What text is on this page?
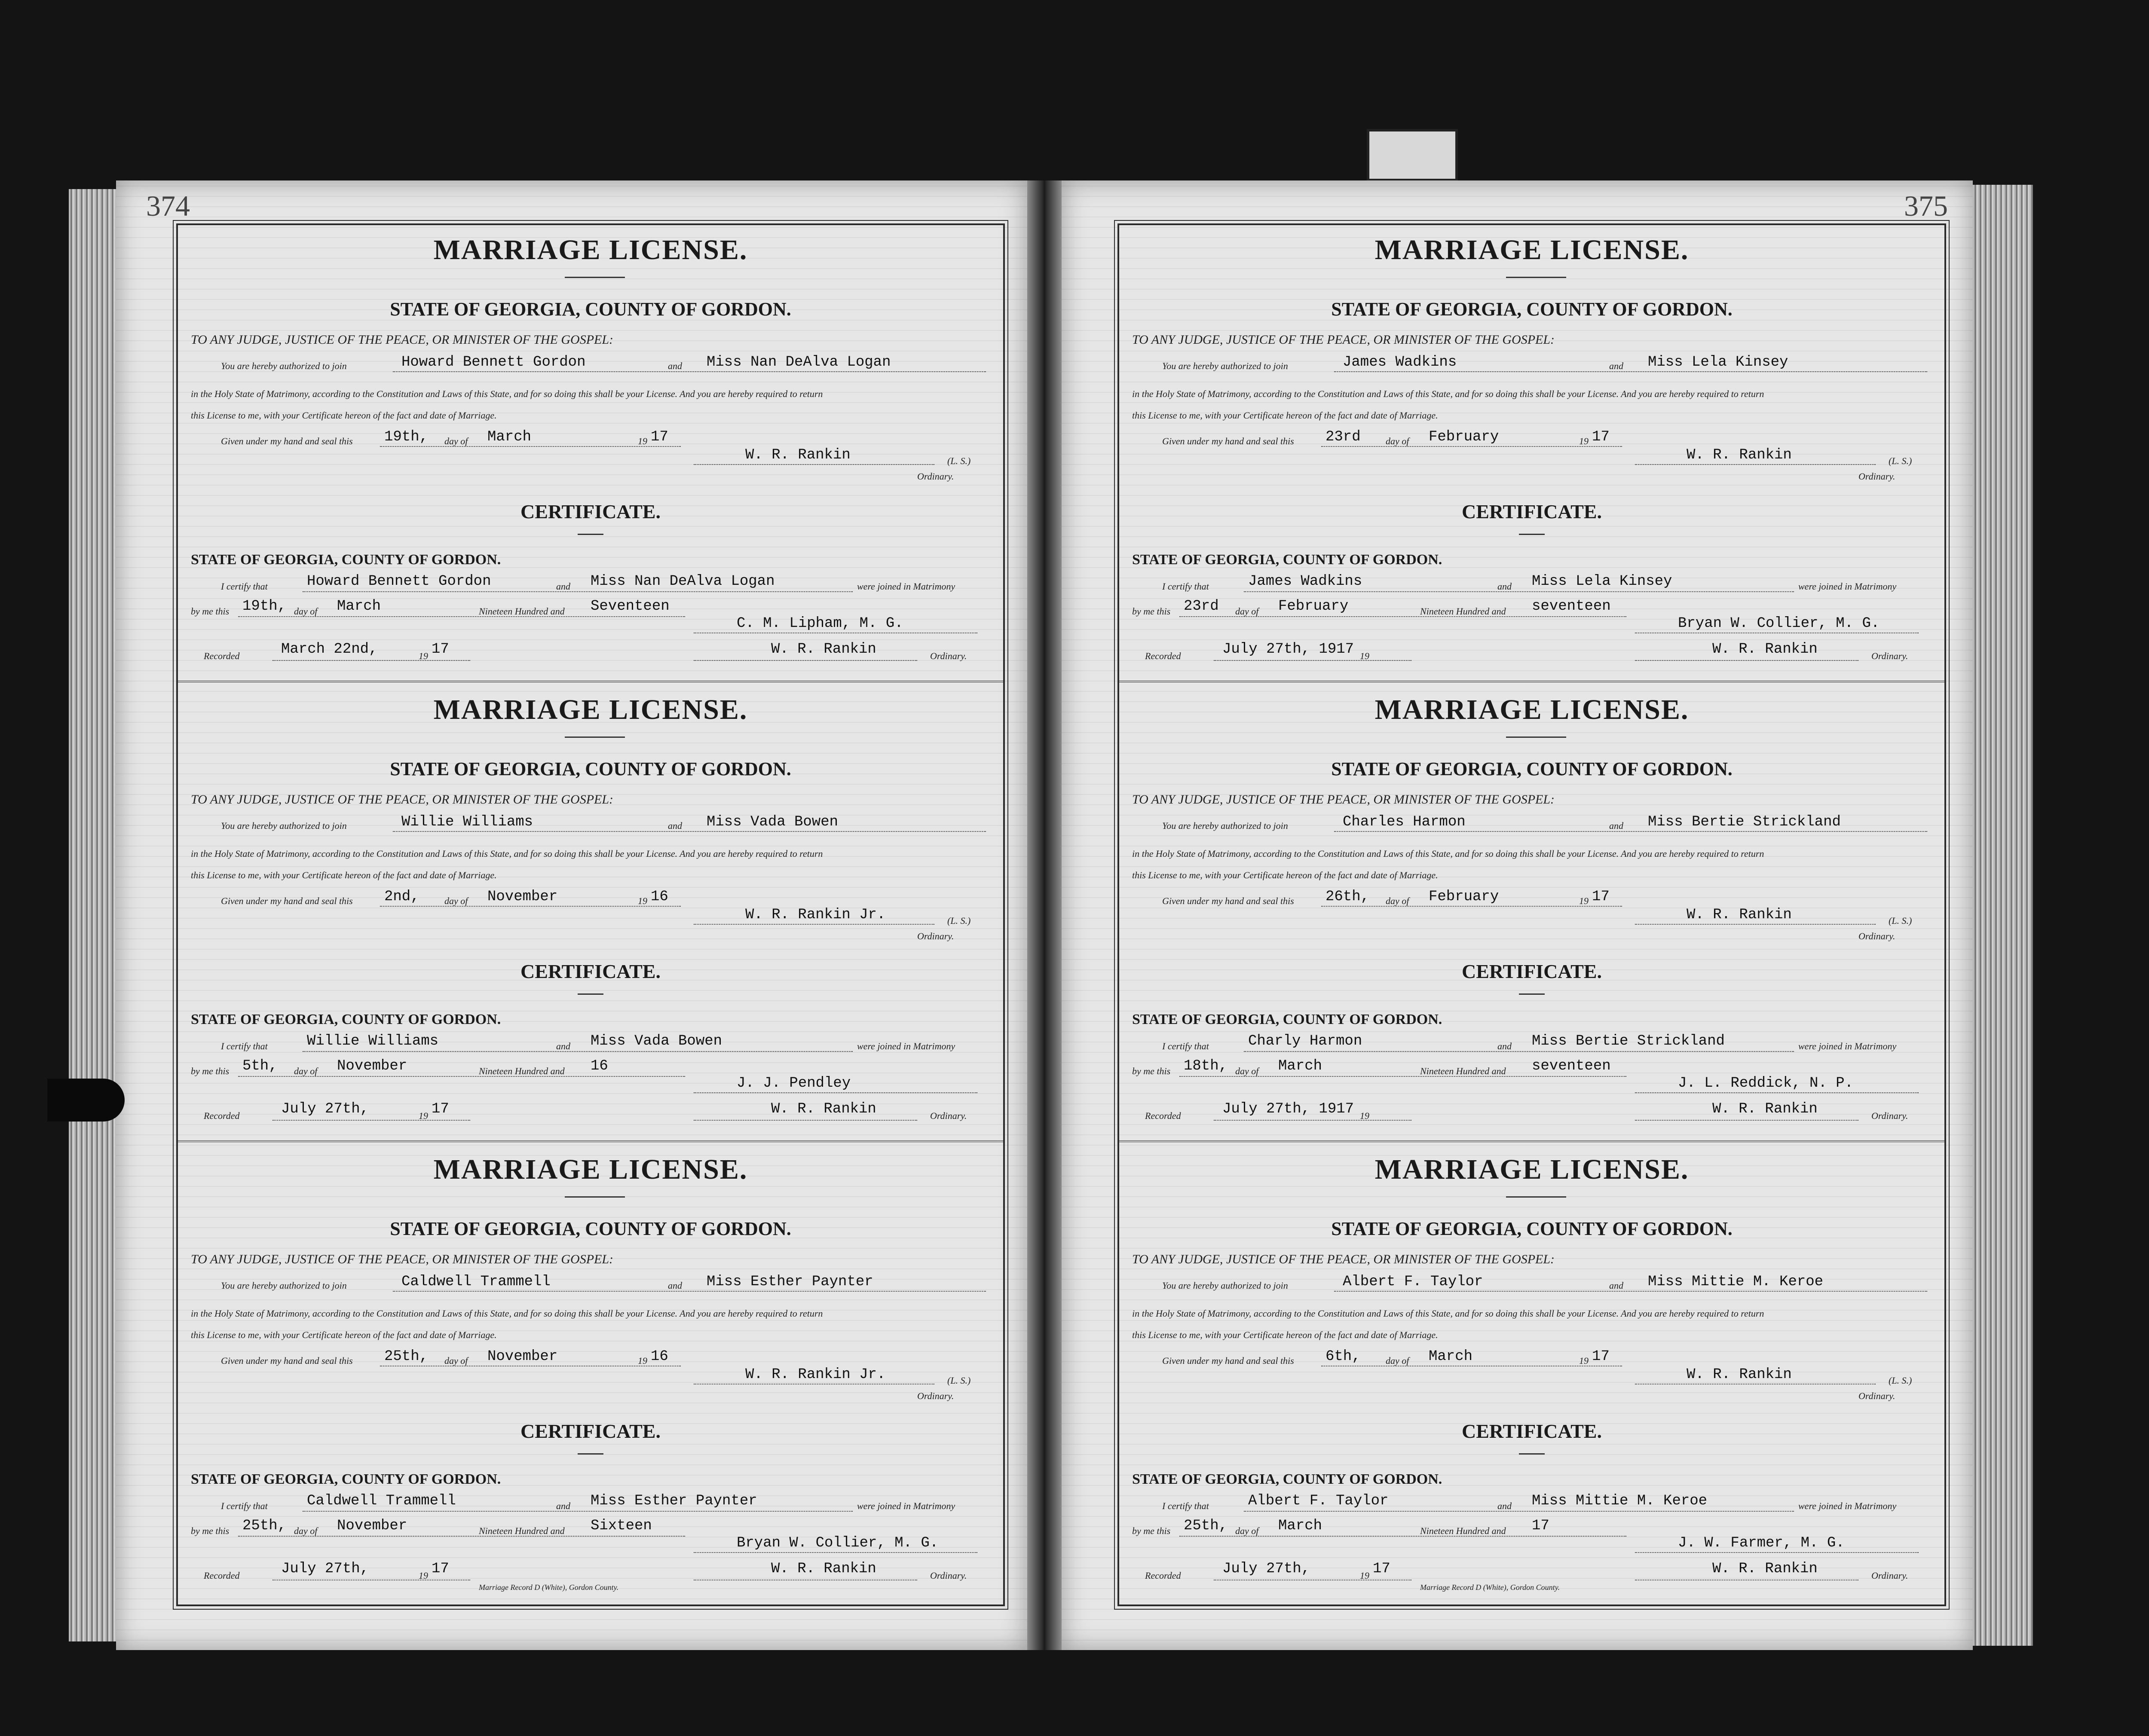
374	375
MARRIAGE LICENSE.
STATE OF GEORGIA, COUNTY OF GORDON.
TO ANY JUDGE, JUSTICE OF THE PEACE, OR MINISTER OF THE GOSPEL:
You are hereby authorized to join	Howard Bennett Gordon	and Miss Nan DeAlva Logan
in the Holy State of Matrimony, according to the Constitution and Laws of this State, and for so doing this shall be your License. And you are hereby required to return
this License to me, with your Certificate hereon of the fact and date of Marriage.
Given under my hand and seal this 19th, day of March	19 17
W. R. Rankin	(L. S.)
Ordinary.
CERTIFICATE.
STATE OF GEORGIA, COUNTY OF GORDON.
I certify that	Howard Bennett Gordon	and Miss Nan DeAlva Logan	were joined in Matrimony
by me this 19th, day of March	Nineteen Hundred and Seventeen
C. M. Lipham, M. G.
Recorded	March 22nd,	19 17	W. R. Rankin	Ordinary.
MARRIAGE LICENSE.
STATE OF GEORGIA, COUNTY OF GORDON.
TO ANY JUDGE, JUSTICE OF THE PEACE, OR MINISTER OF THE GOSPEL:
You are hereby authorized to join	Willie Williams	and Miss Vada Bowen
in the Holy State of Matrimony, according to the Constitution and Laws of this State, and for so doing this shall be your License. And you are hereby required to return
this License to me, with your Certificate hereon of the fact and date of Marriage.
Given under my hand and seal this 2nd,	day of November	19 16
W. R. Rankin Jr.	(L. S.)
Ordinary.
CERTIFICATE.
STATE OF GEORGIA, COUNTY OF GORDON.
I certify that	Willie Williams	and Miss Vada Bowen	were joined in Matrimony
by me this 5th, day of November	Nineteen Hundred and 16
J. J. Pendley
Recorded	July 27th,	19 17	W. R. Rankin	Ordinary.
MARRIAGE LICENSE.
STATE OF GEORGIA, COUNTY OF GORDON.
TO ANY JUDGE, JUSTICE OF THE PEACE, OR MINISTER OF THE GOSPEL:
You are hereby authorized to join	Caldwell Trammell	and Miss Esther Paynter
in the Holy State of Matrimony, according to the Constitution and Laws of this State, and for so doing this shall be your License. And you are hereby required to return
this License to me, with your Certificate hereon of the fact and date of Marriage.
Given under my hand and seal this 25th, day of November	19 16
W. R. Rankin Jr.	(L. S.)
Ordinary.
CERTIFICATE.
STATE OF GEORGIA, COUNTY OF GORDON.
I certify that	Caldwell Trammell	and Miss Esther Paynter	were joined in Matrimony
by me this 25th, day of November	Nineteen Hundred and Sixteen
Bryan W. Collier, M. G.
Recorded	July 27th,	19 17	W. R. Rankin	Ordinary.
Marriage Record D (White), Gordon County.
MARRIAGE LICENSE.
STATE OF GEORGIA, COUNTY OF GORDON.
TO ANY JUDGE, JUSTICE OF THE PEACE, OR MINISTER OF THE GOSPEL:
You are hereby authorized to join	James Wadkins	and Miss Lela Kinsey
in the Holy State of Matrimony, according to the Constitution and Laws of this State, and for so doing this shall be your License. And you are hereby required to return
this License to me, with your Certificate hereon of the fact and date of Marriage.
Given under my hand and seal this 23rd	day of February	19 17
W. R. Rankin	(L. S.)
Ordinary.
CERTIFICATE.
STATE OF GEORGIA, COUNTY OF GORDON.
I certify that	James Wadkins	and Miss Lela Kinsey	were joined in Matrimony
by me this 23rd day of February	Nineteen Hundred and seventeen
Bryan W. Collier, M. G.
Recorded	July 27th, 1917 19	W. R. Rankin	Ordinary.
MARRIAGE LICENSE.
STATE OF GEORGIA, COUNTY OF GORDON.
TO ANY JUDGE, JUSTICE OF THE PEACE, OR MINISTER OF THE GOSPEL:
You are hereby authorized to join	Charles Harmon	and Miss Bertie Strickland
in the Holy State of Matrimony, according to the Constitution and Laws of this State, and for so doing this shall be your License. And you are hereby required to return
this License to me, with your Certificate hereon of the fact and date of Marriage.
Given under my hand and seal this 26th, day of February	19 17
W. R. Rankin	(L. S.)
Ordinary.
CERTIFICATE.
STATE OF GEORGIA, COUNTY OF GORDON.
I certify that	Charly Harmon	and Miss Bertie Strickland	were joined in Matrimony
by me this 18th, day of March	Nineteen Hundred and seventeen
J. L. Reddick, N. P.
Recorded	July 27th, 1917 19	W. R. Rankin	Ordinary.
MARRIAGE LICENSE.
STATE OF GEORGIA, COUNTY OF GORDON.
TO ANY JUDGE, JUSTICE OF THE PEACE, OR MINISTER OF THE GOSPEL:
You are hereby authorized to join	Albert F. Taylor	and Miss Mittie M. Keroe
in the Holy State of Matrimony, according to the Constitution and Laws of this State, and for so doing this shall be your License. And you are hereby required to return
this License to me, with your Certificate hereon of the fact and date of Marriage.
Given under my hand and seal this 6th,	day of March	19 17
W. R. Rankin	(L. S.)
Ordinary.
CERTIFICATE.
STATE OF GEORGIA, COUNTY OF GORDON.
I certify that	Albert F. Taylor	and Miss Mittie M. Keroe	were joined in Matrimony
by me this 25th, day of March	Nineteen Hundred and 17
J. W. Farmer, M. G.
Recorded	July 27th,	19 17	W. R. Rankin	Ordinary.
Marriage Record D (White), Gordon County.
